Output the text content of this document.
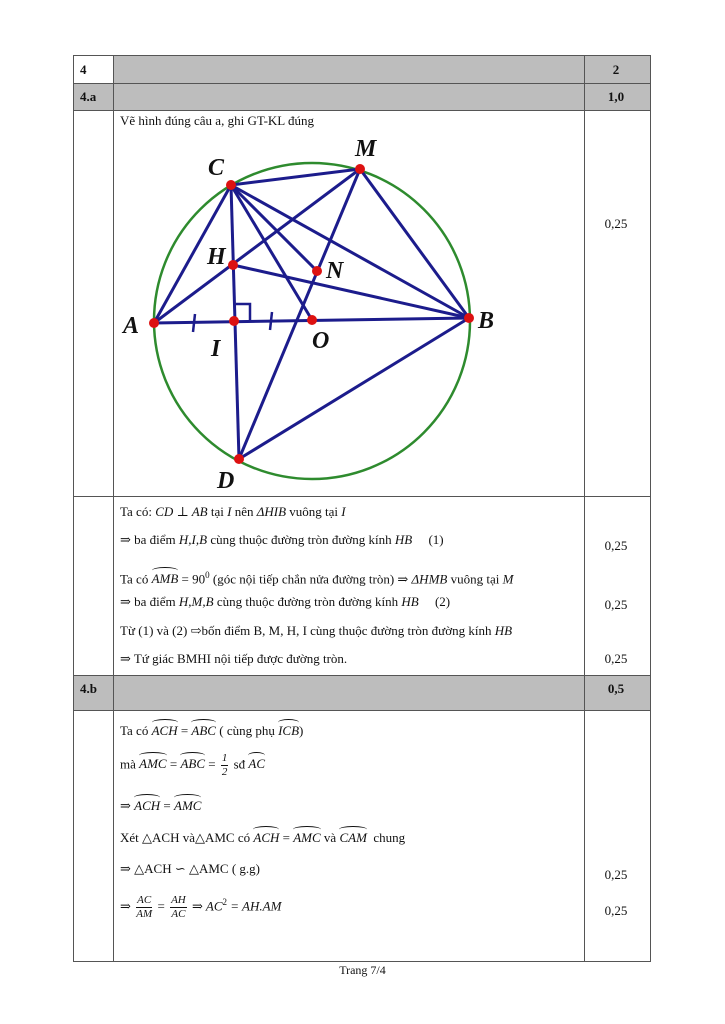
4	2
4.a	1,0
Vẽ hình đúng câu a, ghi GT-KL đúng
0,25
C
M
H
N
A
I	O
B
D
Ta có: CD ⊥ AB tại I nên ΔHIB vuông tại I
⇒ ba điểm H,I,B cùng thuộc đường tròn đường kính HB     (1)	0,25
Ta có AMB = $90^0$ (góc nội tiếp chắn nửa đường tròn) ⇒ ΔHMB vuông tại M
⇒ ba điểm H,M,B cùng thuộc đường tròn đường kính HB     (2)	0,25
Từ (1) và (2) ⇨bốn điểm B, M, H, I cùng thuộc đường tròn đường kính HB
⇒ Tứ giác BMHI nội tiếp được đường tròn.	0,25
4.b	0,5
Ta có ACH = ABC ( cùng phụ ICB)
mà AMC = ABC = $\frac{1}{2}$ sđ AC
⇒ ACH = AMC
Xét △ACH và△AMC có ACH = AMC và CAM  chung
⇒ △ACH ∽ △AMC ( g.g)	0,25
⇒ $\frac{AC}{AM} = \frac{AH}{AC}$ ⇒ $AC^2 = AH.AM$	0,25
Trang 7/4
